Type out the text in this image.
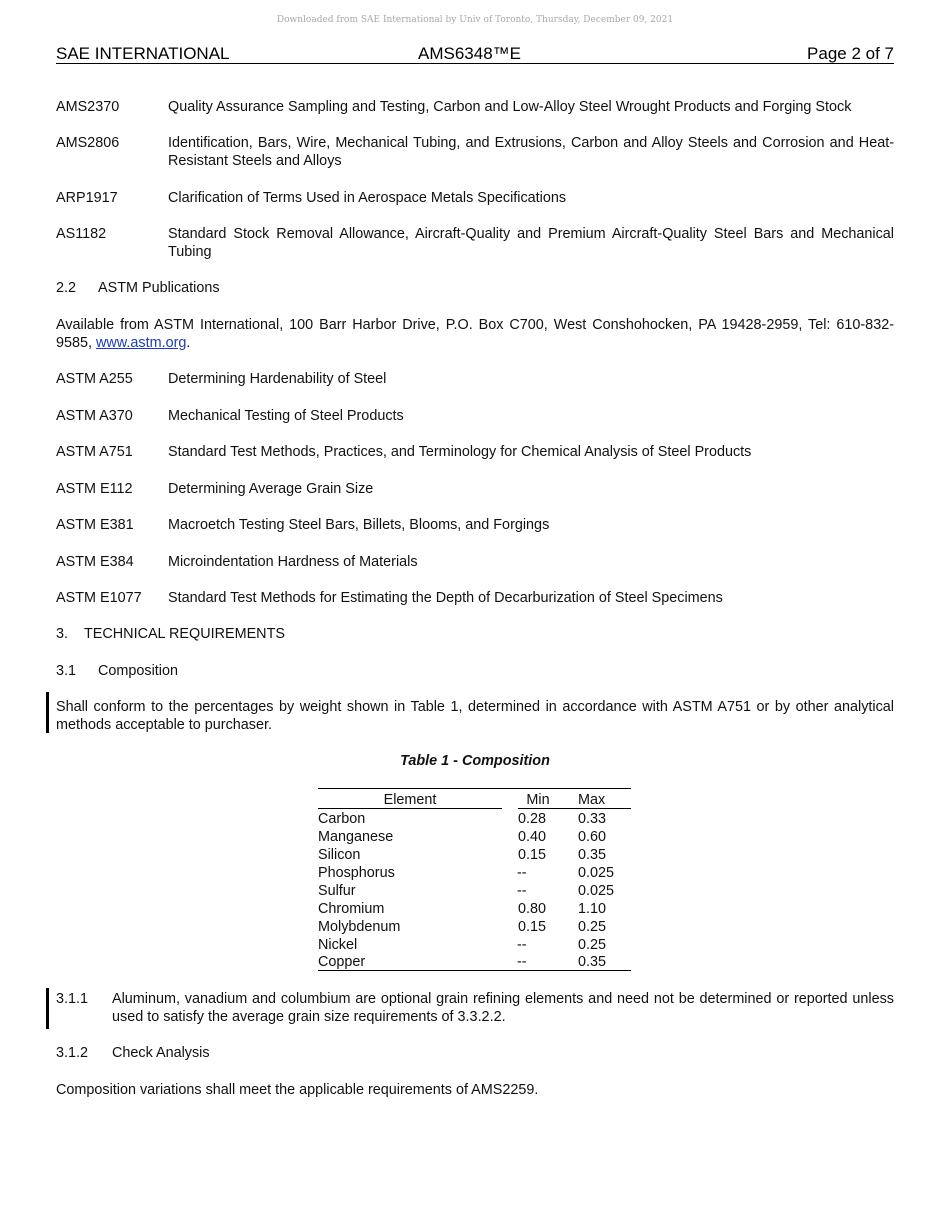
Downloaded from SAE International by Univ of Toronto, Thursday, December 09, 2021
SAE INTERNATIONAL	AMS6348™E	Page 2 of 7
AMS2370	Quality Assurance Sampling and Testing, Carbon and Low-Alloy Steel Wrought Products and Forging Stock
AMS2806	Identification, Bars, Wire, Mechanical Tubing, and Extrusions, Carbon and Alloy Steels and Corrosion and Heat-Resistant Steels and Alloys
ARP1917	Clarification of Terms Used in Aerospace Metals Specifications
AS1182	Standard Stock Removal Allowance, Aircraft-Quality and Premium Aircraft-Quality Steel Bars and Mechanical Tubing
2.2 ASTM Publications
Available from ASTM International, 100 Barr Harbor Drive, P.O. Box C700, West Conshohocken, PA 19428-2959, Tel: 610-832-9585, www.astm.org.
ASTM A255 Determining Hardenability of Steel
ASTM A370 Mechanical Testing of Steel Products
ASTM A751 Standard Test Methods, Practices, and Terminology for Chemical Analysis of Steel Products
ASTM E112 Determining Average Grain Size
ASTM E381 Macroetch Testing Steel Bars, Billets, Blooms, and Forgings
ASTM E384 Microindentation Hardness of Materials
ASTM E1077 Standard Test Methods for Estimating the Depth of Decarburization of Steel Specimens
3. TECHNICAL REQUIREMENTS
3.1 Composition
Shall conform to the percentages by weight shown in Table 1, determined in accordance with ASTM A751 or by other analytical methods acceptable to purchaser.
Table 1 - Composition
Element	Min	Max
Carbon	0.28 0.33
Manganese	0.40 0.60
Silicon	0.15 0.35
Phosphorus	--	0.025
Sulfur	--	0.025
Chromium	0.80 1.10
Molybdenum	0.15 0.25
Nickel	--	0.25
Copper	--	0.35
3.1.1 Aluminum, vanadium and columbium are optional grain refining elements and need not be determined or reported unless used to satisfy the average grain size requirements of 3.3.2.2.
3.1.2 Check Analysis
Composition variations shall meet the applicable requirements of AMS2259.
